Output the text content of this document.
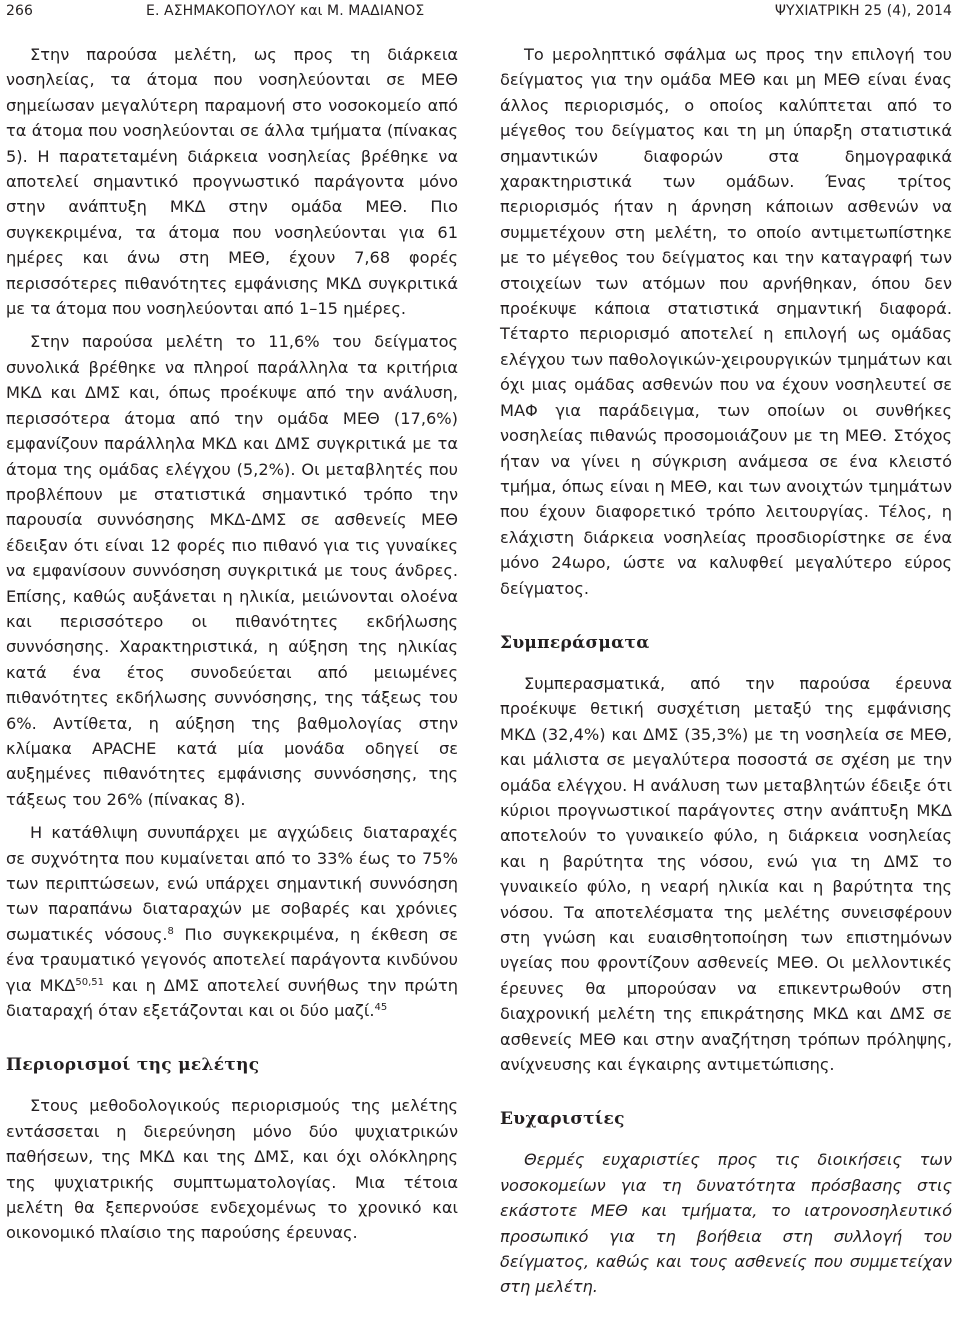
266	Ε. ΑΣΗΜΑΚΟΠΟΥΛΟΥ και Μ. ΜΑΔΙΑΝΟΣ	ΨΥΧΙΑΤΡΙΚΗ 25 (4), 2014

Στην παρούσα μελέτη, ως προς τη διάρκεια νοσηλείας, τα άτομα που νοσηλεύονται σε ΜΕΘ σημείωσαν μεγαλύτερη παραμονή στο νοσοκομείο από τα άτομα που νοσηλεύονται σε άλλα τμήματα (πίνακας 5). Η παρατεταμένη διάρκεια νοσηλείας βρέθηκε να αποτελεί σημαντικό προγνωστικό παράγοντα μόνο στην ανάπτυξη ΜΚΔ στην ομάδα ΜΕΘ. Πιο συγκεκριμένα, τα άτομα που νοσηλεύονται για 61 ημέρες και άνω στη ΜΕΘ, έχουν 7,68 φορές περισσότερες πιθανότητες εμφάνισης ΜΚΔ συγκριτικά με τα άτομα που νοσηλεύονται από 1–15 ημέρες.

Στην παρούσα μελέτη το 11,6% του δείγματος συνολικά βρέθηκε να πληροί παράλληλα τα κριτήρια ΜΚΔ και ΔΜΣ και, όπως προέκυψε από την ανάλυση, περισσότερα άτομα από την ομάδα ΜΕΘ (17,6%) εμφανίζουν παράλληλα ΜΚΔ και ΔΜΣ συγκριτικά με τα άτομα της ομάδας ελέγχου (5,2%). Οι μεταβλητές που προβλέπουν με στατιστικά σημαντικό τρόπο την παρουσία συννόσησης ΜΚΔ-ΔΜΣ σε ασθενείς ΜΕΘ έδειξαν ότι είναι 12 φορές πιο πιθανό για τις γυναίκες να εμφανίσουν συννόσηση συγκριτικά με τους άνδρες. Επίσης, καθώς αυξάνεται η ηλικία, μειώνονται ολοένα και περισσότερο οι πιθανότητες εκδήλωσης συννόσησης. Χαρακτηριστικά, η αύξηση της ηλικίας κατά ένα έτος συνοδεύεται από μειωμένες πιθανότητες εκδήλωσης συννόσησης, της τάξεως του 6%. Αντίθετα, η αύξηση της βαθμολογίας στην κλίμακα APACHE κατά μία μονάδα οδηγεί σε αυξημένες πιθανότητες εμφάνισης συννόσησης, της τάξεως του 26% (πίνακας 8).

Η κατάθλιψη συνυπάρχει με αγχώδεις διαταραχές σε συχνότητα που κυμαίνεται από το 33% έως το 75% των περιπτώσεων, ενώ υπάρχει σημαντική συννόσηση των παραπάνω διαταραχών με σοβαρές και χρόνιες σωματικές νόσους.$^8$ Πιο συγκεκριμένα, η έκθεση σε ένα τραυματικό γεγονός αποτελεί παράγοντα κινδύνου για ΜΚΔ$^{50,51}$ και η ΔΜΣ αποτελεί συνήθως την πρώτη διαταραχή όταν εξετάζονται και οι δύο μαζί.$^{45}$

Περιορισμοί της μελέτης

Στους μεθοδολογικούς περιορισμούς της μελέτης εντάσσεται η διερεύνηση μόνο δύο ψυχιατρικών παθήσεων, της ΜΚΔ και της ΔΜΣ, και όχι ολόκληρης της ψυχιατρικής συμπτωματολογίας. Μια τέτοια μελέτη θα ξεπερνούσε ενδεχομένως το χρονικό και οικονομικό πλαίσιο της παρούσης έρευνας.

Το μεροληπτικό σφάλμα ως προς την επιλογή του δείγματος για την ομάδα ΜΕΘ και μη ΜΕΘ είναι ένας άλλος περιορισμός, ο οποίος καλύπτεται από το μέγεθος του δείγματος και τη μη ύπαρξη στατιστικά σημαντικών διαφορών στα δημογραφικά χαρακτηριστικά των ομάδων. Ένας τρίτος περιορισμός ήταν η άρνηση κάποιων ασθενών να συμμετέχουν στη μελέτη, το οποίο αντιμετωπίστηκε με το μέγεθος του δείγματος και την καταγραφή των στοιχείων των ατόμων που αρνήθηκαν, όπου δεν προέκυψε κάποια στατιστικά σημαντική διαφορά. Τέταρτο περιορισμό αποτελεί η επιλογή ως ομάδας ελέγχου των παθολογικών-χειρουργικών τμημάτων και όχι μιας ομάδας ασθενών που να έχουν νοσηλευτεί σε ΜΑΦ για παράδειγμα, των οποίων οι συνθήκες νοσηλείας πιθανώς προσομοιάζουν με τη ΜΕΘ. Στόχος ήταν να γίνει η σύγκριση ανάμεσα σε ένα κλειστό τμήμα, όπως είναι η ΜΕΘ, και των ανοιχτών τμημάτων που έχουν διαφορετικό τρόπο λειτουργίας. Τέλος, η ελάχιστη διάρκεια νοσηλείας προσδιορίστηκε σε ένα μόνο 24ωρο, ώστε να καλυφθεί μεγαλύτερο εύρος δείγματος.

Συμπεράσματα

Συμπερασματικά, από την παρούσα έρευνα προέκυψε θετική συσχέτιση μεταξύ της εμφάνισης ΜΚΔ (32,4%) και ΔΜΣ (35,3%) με τη νοσηλεία σε ΜΕΘ, και μάλιστα σε μεγαλύτερα ποσοστά σε σχέση με την ομάδα ελέγχου. Η ανάλυση των μεταβλητών έδειξε ότι κύριοι προγνωστικοί παράγοντες στην ανάπτυξη ΜΚΔ αποτελούν το γυναικείο φύλο, η διάρκεια νοσηλείας και η βαρύτητα της νόσου, ενώ για τη ΔΜΣ το γυναικείο φύλο, η νεαρή ηλικία και η βαρύτητα της νόσου. Τα αποτελέσματα της μελέτης συνεισφέρουν στη γνώση και ευαισθητοποίηση των επιστημόνων υγείας που φροντίζουν ασθενείς ΜΕΘ. Οι μελλοντικές έρευνες θα μπορούσαν να επικεντρωθούν στη διαχρονική μελέτη της επικράτησης ΜΚΔ και ΔΜΣ σε ασθενείς ΜΕΘ και στην αναζήτηση τρόπων πρόληψης, ανίχνευσης και έγκαιρης αντιμετώπισης.

Ευχαριστίες

Θερμές ευχαριστίες προς τις διοικήσεις των νοσοκομείων για τη δυνατότητα πρόσβασης στις εκάστοτε ΜΕΘ και τμήματα, το ιατρονοσηλευτικό προσωπικό για τη βοήθεια στη συλλογή του δείγματος, καθώς και τους ασθενείς που συμμετείχαν στη μελέτη.
